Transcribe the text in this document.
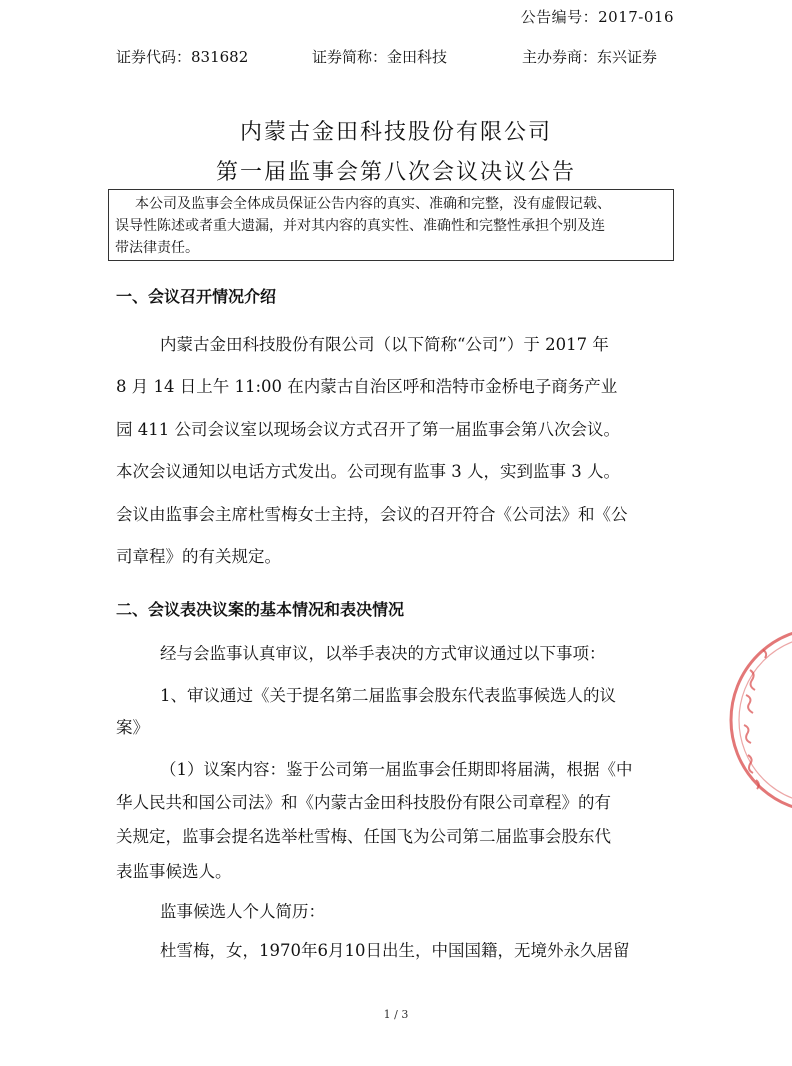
公告编号：2017-016
证券代码：831682	证券简称：金田科技	主办券商：东兴证券
内蒙古金田科技股份有限公司
第一届监事会第八次会议决议公告
本公司及监事会全体成员保证公告内容的真实、准确和完整，没有虚假记载、
误导性陈述或者重大遗漏，并对其内容的真实性、准确性和完整性承担个别及连
带法律责任。
一、会议召开情况介绍
内蒙古金田科技股份有限公司（以下简称“公司”）于 2017 年
8 月 14 日上午 11:00 在内蒙古自治区呼和浩特市金桥电子商务产业
园 411 公司会议室以现场会议方式召开了第一届监事会第八次会议。
本次会议通知以电话方式发出。公司现有监事 3 人，实到监事 3 人。
会议由监事会主席杜雪梅女士主持，会议的召开符合《公司法》和《公
司章程》的有关规定。
二、会议表决议案的基本情况和表决情况
经与会监事认真审议，以举手表决的方式审议通过以下事项：
1、审议通过《关于提名第二届监事会股东代表监事候选人的议
案》
（1）议案内容：鉴于公司第一届监事会任期即将届满，根据《中
华人民共和国公司法》和《内蒙古金田科技股份有限公司章程》的有
关规定，监事会提名选举杜雪梅、任国飞为公司第二届监事会股东代
表监事候选人。
监事候选人个人简历：
杜雪梅，女，1970年6月10日出生，中国国籍，无境外永久居留
1 / 3
